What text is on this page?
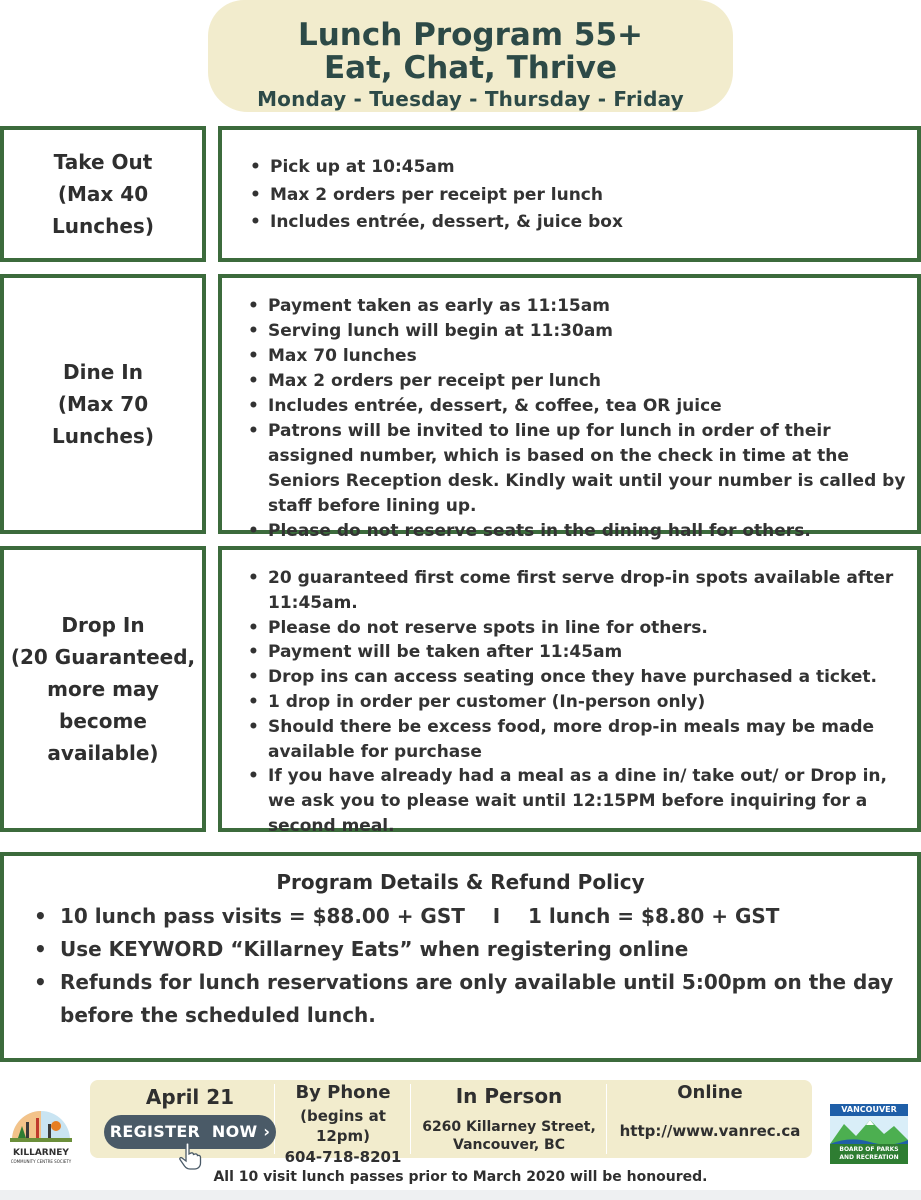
Lunch Program 55+
Eat, Chat, Thrive
Monday - Tuesday - Thursday - Friday
Take Out
(Max 40
Lunches)
• Pick up at 10:45am
• Max 2 orders per receipt per lunch
• Includes entrée, dessert, & juice box
Dine In
(Max 70
Lunches)
• Payment taken as early as 11:15am
• Serving lunch will begin at 11:30am
• Max 70 lunches
• Max 2 orders per receipt per lunch
• Includes entrée, dessert, & coffee, tea OR juice
• Patrons will be invited to line up for lunch in order of their assigned number, which is based on the check in time at the Seniors Reception desk. Kindly wait until your number is called by staff before lining up.
• Please do not reserve seats in the dining hall for others.
Drop In
(20 Guaranteed,
more may
become
available)
• 20 guaranteed first come first serve drop-in spots available after 11:45am.
• Please do not reserve spots in line for others.
• Payment will be taken after 11:45am
• Drop ins can access seating once they have purchased a ticket.
• 1 drop in order per customer (In-person only)
• Should there be excess food, more drop-in meals may be made available for purchase
• If you have already had a meal as a dine in/ take out/ or Drop in, we ask you to please wait until 12:15PM before inquiring for a second meal.
Program Details & Refund Policy
• 10 lunch pass visits = $88.00 + GST    I    1 lunch = $8.80 + GST
• Use KEYWORD “Killarney Eats” when registering online
• Refunds for lunch reservations are only available until 5:00pm on the day before the scheduled lunch.
KILLARNEY
COMMUNITY CENTRE SOCIETY
April 21
REGISTER  NOW ›
By Phone
(begins at 12pm)
604-718-8201
In Person
6260 Killarney Street,
Vancouver, BC
Online
http://www.vanrec.ca
VANCOUVER
BOARD OF PARKS
AND RECREATION
All 10 visit lunch passes prior to March 2020 will be honoured.
